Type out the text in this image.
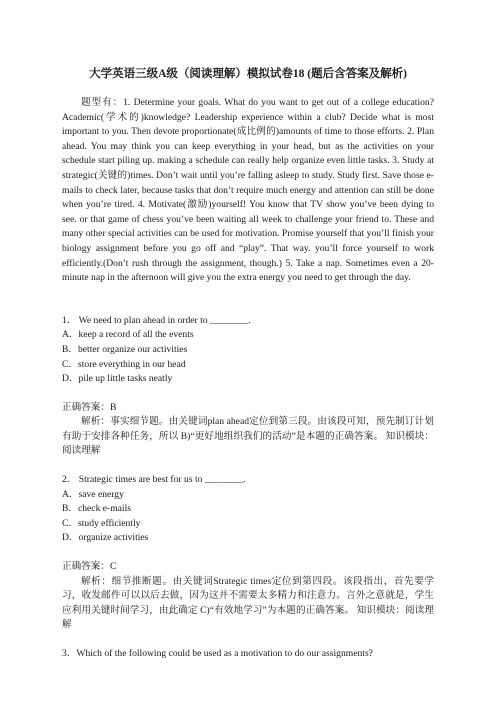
大学英语三级A级（阅读理解）模拟试卷18 (题后含答案及解析)

题型有：1. Determine your goals. What do you want to get out of a college education? Academic(学术的)knowledge? Leadership experience within a club? Decide what is most important to you. Then devote proportionate(成比例的)amounts of time to those efforts. 2. Plan ahead. You may think you can keep everything in your head, but as the activities on your schedule start piling up. making a schedule can really help organize even little tasks. 3. Study at strategic(关键的)times. Don’t wait until you’re falling asleep to study. Study first. Save those e-mails to check later, because tasks that don’t require much energy and attention can still be done when you’re tired. 4. Motivate(激励)yourself! You know that TV show you’ve been dying to see. or that game of chess you’ve been waiting all week to challenge your friend to. These and many other special activities can be used for motivation. Promise yourself that you’ll finish your biology assignment before you go off and “play”. That way. you’ll force yourself to work efficiently.(Don’t rush through the assignment, though.) 5. Take a nap. Sometimes even a 20-minute nap in the afternoon will give you the extra energy you need to get through the day.

1． We need to plan ahead in order to ________.

A．keep a record of all the events

B．better organize our activities

C．store everything in our head

D．pile up little tasks neatly

正确答案：B

解析：事实细节题。由关键词plan ahead定位到第三段。由该段可知，预先制订计划有助于安排各种任务，所以 B)“更好地组织我们的活动”是本题的正确答案。 知识模块：阅读理解

2． Strategic times are best for us to ________.

A．save energy

B．check e-mails

C．study efficiently

D．organize activities

正确答案：C

解析：细节推断题。由关键词Strategic times定位到第四段。该段指出，首先要学习，收发邮件可以以后去做，因为这并不需要太多精力和注意力。言外之意就是，学生应利用关键时间学习，由此确定 C)“有效地学习”为本题的正确答案。 知识模块：阅读理解

3．Which of the following could be used as a motivation to do our assignments?
